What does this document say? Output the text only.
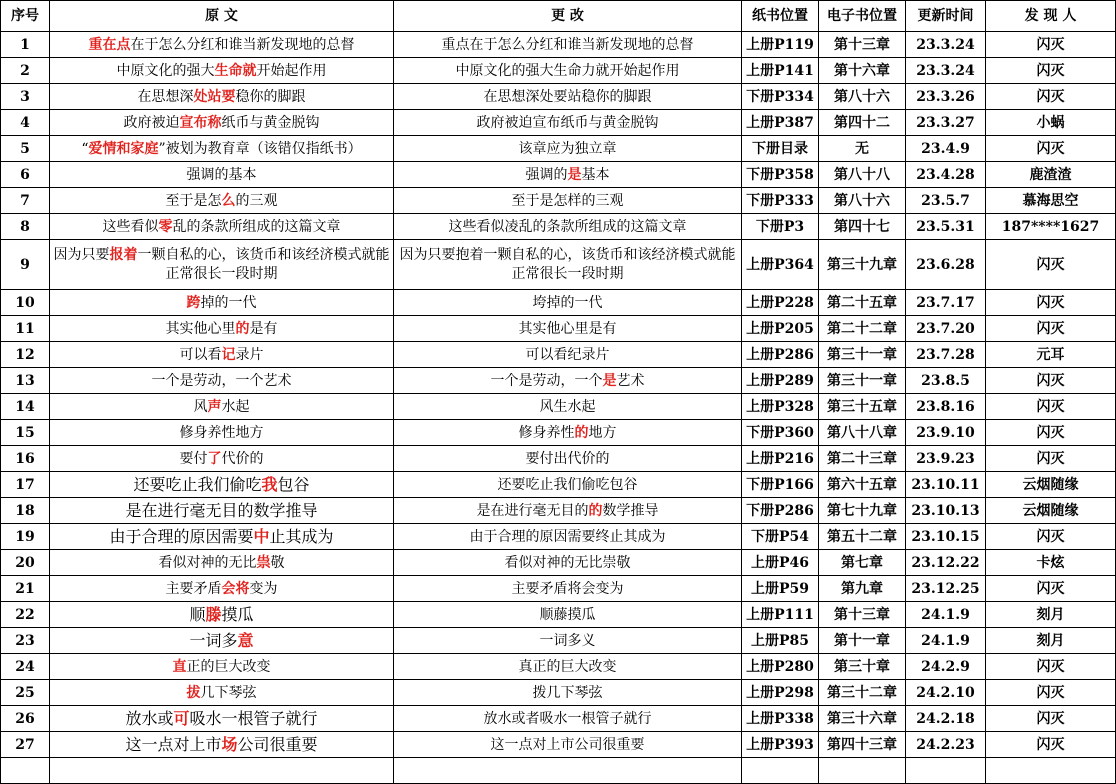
序号	原 文	更 改	纸书位置	电子书位置	更新时间	发 现 人
1	重在点在于怎么分红和谁当新发现地的总督	重点在于怎么分红和谁当新发现地的总督	上册P119	第十三章	23.3.24	闪灭
2	中原文化的强大生命就开始起作用	中原文化的强大生命力就开始起作用	上册P141	第十六章	23.3.24	闪灭
3	在思想深处站要稳你的脚跟	在思想深处要站稳你的脚跟	下册P334	第八十六	23.3.26	闪灭
4	政府被迫宣布称纸币与黄金脱钩	政府被迫宣布纸币与黄金脱钩	上册P387	第四十二	23.3.27	小蜗
5	“爱情和家庭”被划为教育章（该错仅指纸书）	该章应为独立章	下册目录	无	23.4.9	闪灭
6	强调的基本	强调的是基本	下册P358	第八十八	23.4.28	鹿渣渣
7	至于是怎么的三观	至于是怎样的三观	下册P333	第八十六	23.5.7	慕海思空
8	这些看似零乱的条款所组成的这篇文章	这些看似凌乱的条款所组成的这篇文章	下册P3	第四十七	23.5.31	187****1627
9	因为只要报着一颗自私的心，该货币和该经济模式就能正常很长一段时期	因为只要抱着一颗自私的心，该货币和该经济模式就能正常很长一段时期	上册P364	第三十九章	23.6.28	闪灭
10	跨掉的一代	垮掉的一代	上册P228	第二十五章	23.7.17	闪灭
11	其实他心里的是有	其实他心里是有	上册P205	第二十二章	23.7.20	闪灭
12	可以看记录片	可以看纪录片	上册P286	第三十一章	23.7.28	元耳
13	一个是劳动，一个艺术	一个是劳动，一个是艺术	上册P289	第三十一章	23.8.5	闪灭
14	风声水起	风生水起	上册P328	第三十五章	23.8.16	闪灭
15	修身养性地方	修身养性的地方	下册P360	第八十八章	23.9.10	闪灭
16	要付了代价的	要付出代价的	上册P216	第二十三章	23.9.23	闪灭
17	还要吃止我们偷吃我包谷	还要吃止我们偷吃包谷	下册P166	第六十五章	23.10.11	云烟随缘
18	是在进行毫无目的数学推导	是在进行毫无目的的数学推导	下册P286	第七十九章	23.10.13	云烟随缘
19	由于合理的原因需要中止其成为	由于合理的原因需要终止其成为	下册P54	第五十二章	23.10.15	闪灭
20	看似对神的无比祟敬	看似对神的无比崇敬	上册P46	第七章	23.12.22	卡炫
21	主要矛盾会将变为	主要矛盾将会变为	上册P59	第九章	23.12.25	闪灭
22	顺滕摸瓜	顺藤摸瓜	上册P111	第十三章	24.1.9	刻月
23	一词多意	一词多义	上册P85	第十一章	24.1.9	刻月
24	直正的巨大改变	真正的巨大改变	上册P280	第三十章	24.2.9	闪灭
25	拔几下琴弦	拨几下琴弦	上册P298	第三十二章	24.2.10	闪灭
26	放水或可吸水一根管子就行	放水或者吸水一根管子就行	上册P338	第三十六章	24.2.18	闪灭
27	这一点对上市场公司很重要	这一点对上市公司很重要	上册P393	第四十三章	24.2.23	闪灭
